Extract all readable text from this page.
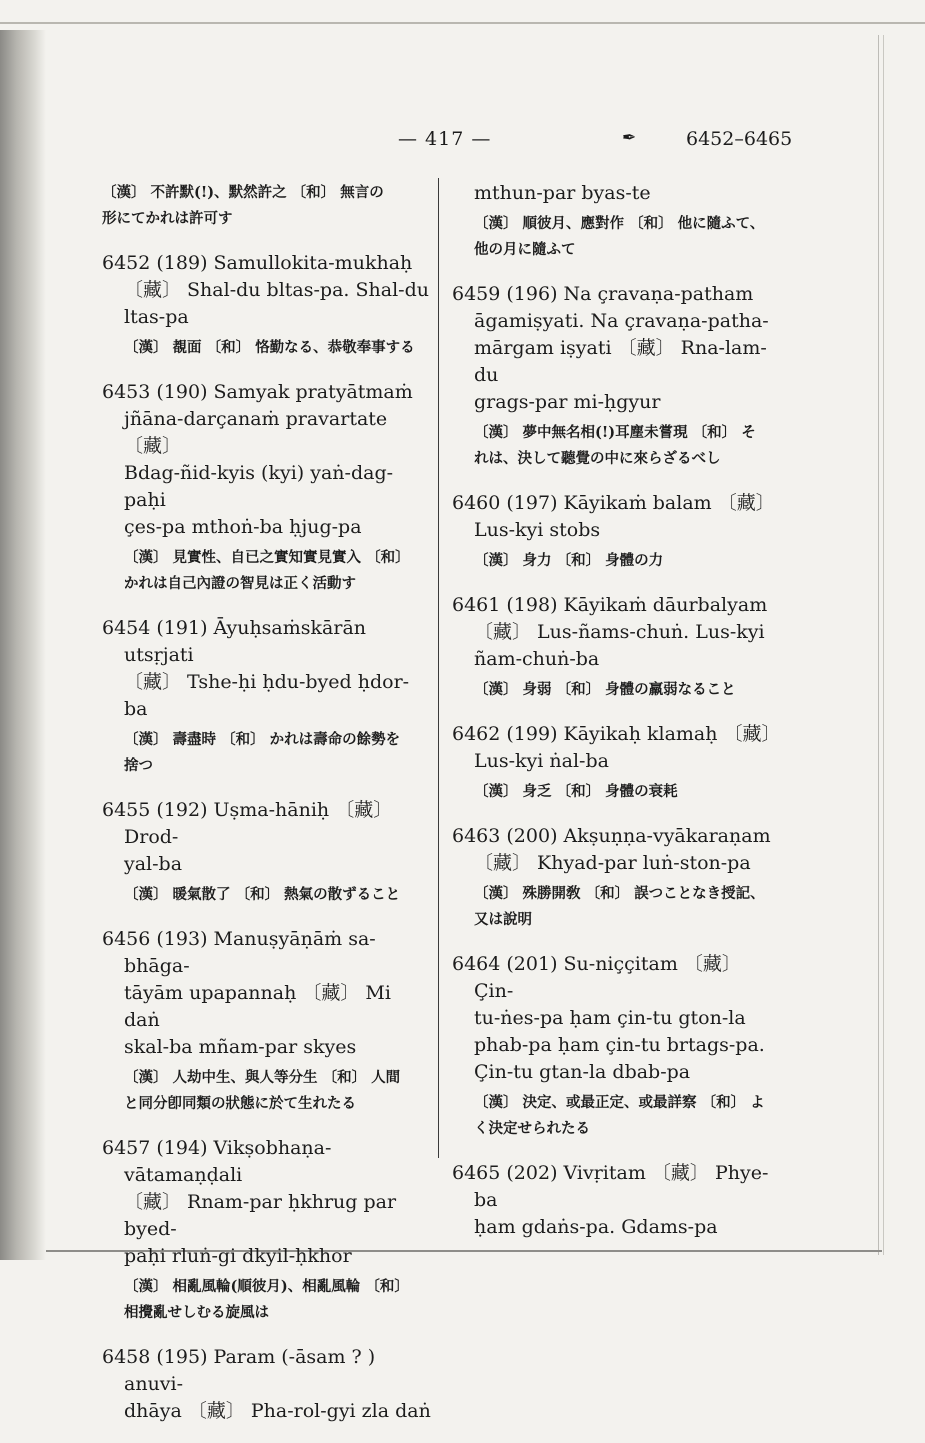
— 417 —	✒	6452–6465
〔漢〕 不許默(!)、默然許之 〔和〕 無言の
形にてかれは許可す
6452 (189) Samullokita-mukhaḥ
〔藏〕 Shal-du bltas-pa. Shal-du
ltas-pa
〔漢〕 覩面 〔和〕 恪勤なる、恭敬奉事する
6453 (190) Samyak pratyātmaṁ
jñāna-darçanaṁ pravartate 〔藏〕
Bdag-ñid-kyis (kyi) yaṅ-dag-paḥi
çes-pa mthoṅ-ba ḥjug-pa
〔漢〕 見實性、自已之實知實見實入 〔和〕
かれは自己內證の智見は正く活動す
6454 (191) Āyuḥsaṁskārān utsṛjati
〔藏〕 Tshe-ḥi ḥdu-byed ḥdor-ba
〔漢〕 壽盡時 〔和〕 かれは壽命の餘勢を
捨つ
6455 (192) Uṣma-hāniḥ 〔藏〕 Drod-
yal-ba
〔漢〕 暖氣散了 〔和〕 熱氣の散ずること
6456 (193) Manuṣyāṇāṁ sa-bhāga-
tāyām upapannaḥ 〔藏〕 Mi daṅ
skal-ba mñam-par skyes
〔漢〕 人劫中生、與人等分生 〔和〕 人間
と同分卽同類の狀態に於て生れたる
6457 (194) Vikṣobhaṇa-vātamaṇḍali
〔藏〕 Rnam-par ḥkhrug par byed-
paḥi rluṅ-gi dkyil-ḥkhor
〔漢〕 相亂風輪(順彼月)、相亂風輪 〔和〕
相攪亂せしむる旋風は
6458 (195) Param (-āsam ? ) anuvi-
dhāya 〔藏〕 Pha-rol-gyi zla daṅ
mthun-par byas-te
〔漢〕 順彼月、應對作 〔和〕 他に隨ふて、
他の月に隨ふて
6459 (196) Na çravaṇa-patham
āgamiṣyati. Na çravaṇa-patha-
mārgam iṣyati 〔藏〕 Rna-lam-du
grags-par mi-ḥgyur
〔漢〕 夢中無名相(!)耳塵未嘗現 〔和〕 そ
れは、決して聽覺の中に來らざるべし
6460 (197) Kāyikaṁ balam 〔藏〕
Lus-kyi stobs
〔漢〕 身力 〔和〕 身體の力
6461 (198) Kāyikaṁ dāurbalyam
〔藏〕 Lus-ñams-chuṅ. Lus-kyi
ñam-chuṅ-ba
〔漢〕 身弱 〔和〕 身體の羸弱なること
6462 (199) Kāyikaḥ klamaḥ 〔藏〕
Lus-kyi ṅal-ba
〔漢〕 身乏 〔和〕 身體の衰耗
6463 (200) Akṣuṇṇa-vyākaraṇam
〔藏〕 Khyad-par luṅ-ston-pa
〔漢〕 殊勝開敎 〔和〕 誤つことなき授記、
又は說明
6464 (201) Su-niççitam 〔藏〕 Çin-
tu-ṅes-pa ḥam çin-tu gton-la
phab-pa ḥam çin-tu brtags-pa.
Çin-tu gtan-la dbab-pa
〔漢〕 決定、或最正定、或最詳察 〔和〕 よ
く決定せられたる
6465 (202) Vivṛitam 〔藏〕 Phye-ba
ḥam gdaṅs-pa. Gdams-pa
